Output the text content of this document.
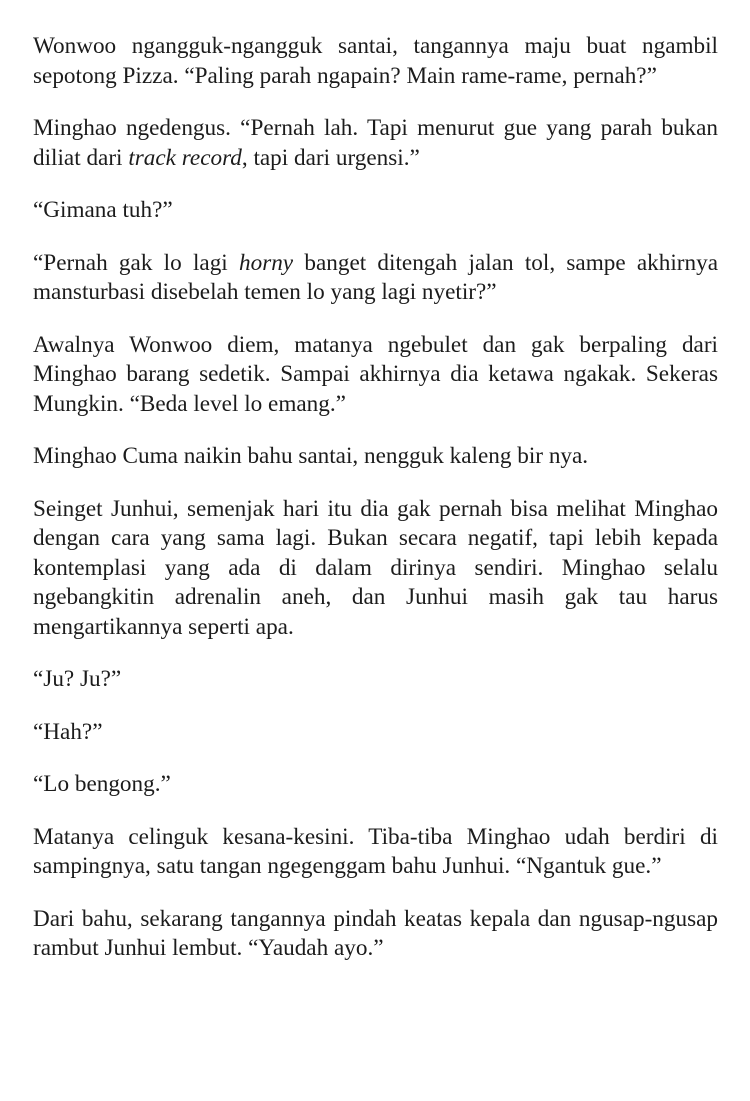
Wonwoo ngangguk-ngangguk santai, tangannya maju buat ngambil sepotong Pizza. “Paling parah ngapain? Main rame-rame, pernah?”

Minghao ngedengus. “Pernah lah. Tapi menurut gue yang parah bukan diliat dari track record, tapi dari urgensi.”

“Gimana tuh?”

“Pernah gak lo lagi horny banget ditengah jalan tol, sampe akhirnya mansturbasi disebelah temen lo yang lagi nyetir?”

Awalnya Wonwoo diem, matanya ngebulet dan gak berpaling dari Minghao barang sedetik. Sampai akhirnya dia ketawa ngakak. Sekeras Mungkin. “Beda level lo emang.”

Minghao Cuma naikin bahu santai, nengguk kaleng bir nya.

Seinget Junhui, semenjak hari itu dia gak pernah bisa melihat Minghao dengan cara yang sama lagi. Bukan secara negatif, tapi lebih kepada kontemplasi yang ada di dalam dirinya sendiri. Minghao selalu ngebangkitin adrenalin aneh, dan Junhui masih gak tau harus mengartikannya seperti apa.

“Ju? Ju?”

“Hah?”

“Lo bengong.”

Matanya celinguk kesana-kesini. Tiba-tiba Minghao udah berdiri di sampingnya, satu tangan ngegenggam bahu Junhui. “Ngantuk gue.”

Dari bahu, sekarang tangannya pindah keatas kepala dan ngusap-ngusap rambut Junhui lembut. “Yaudah ayo.”
